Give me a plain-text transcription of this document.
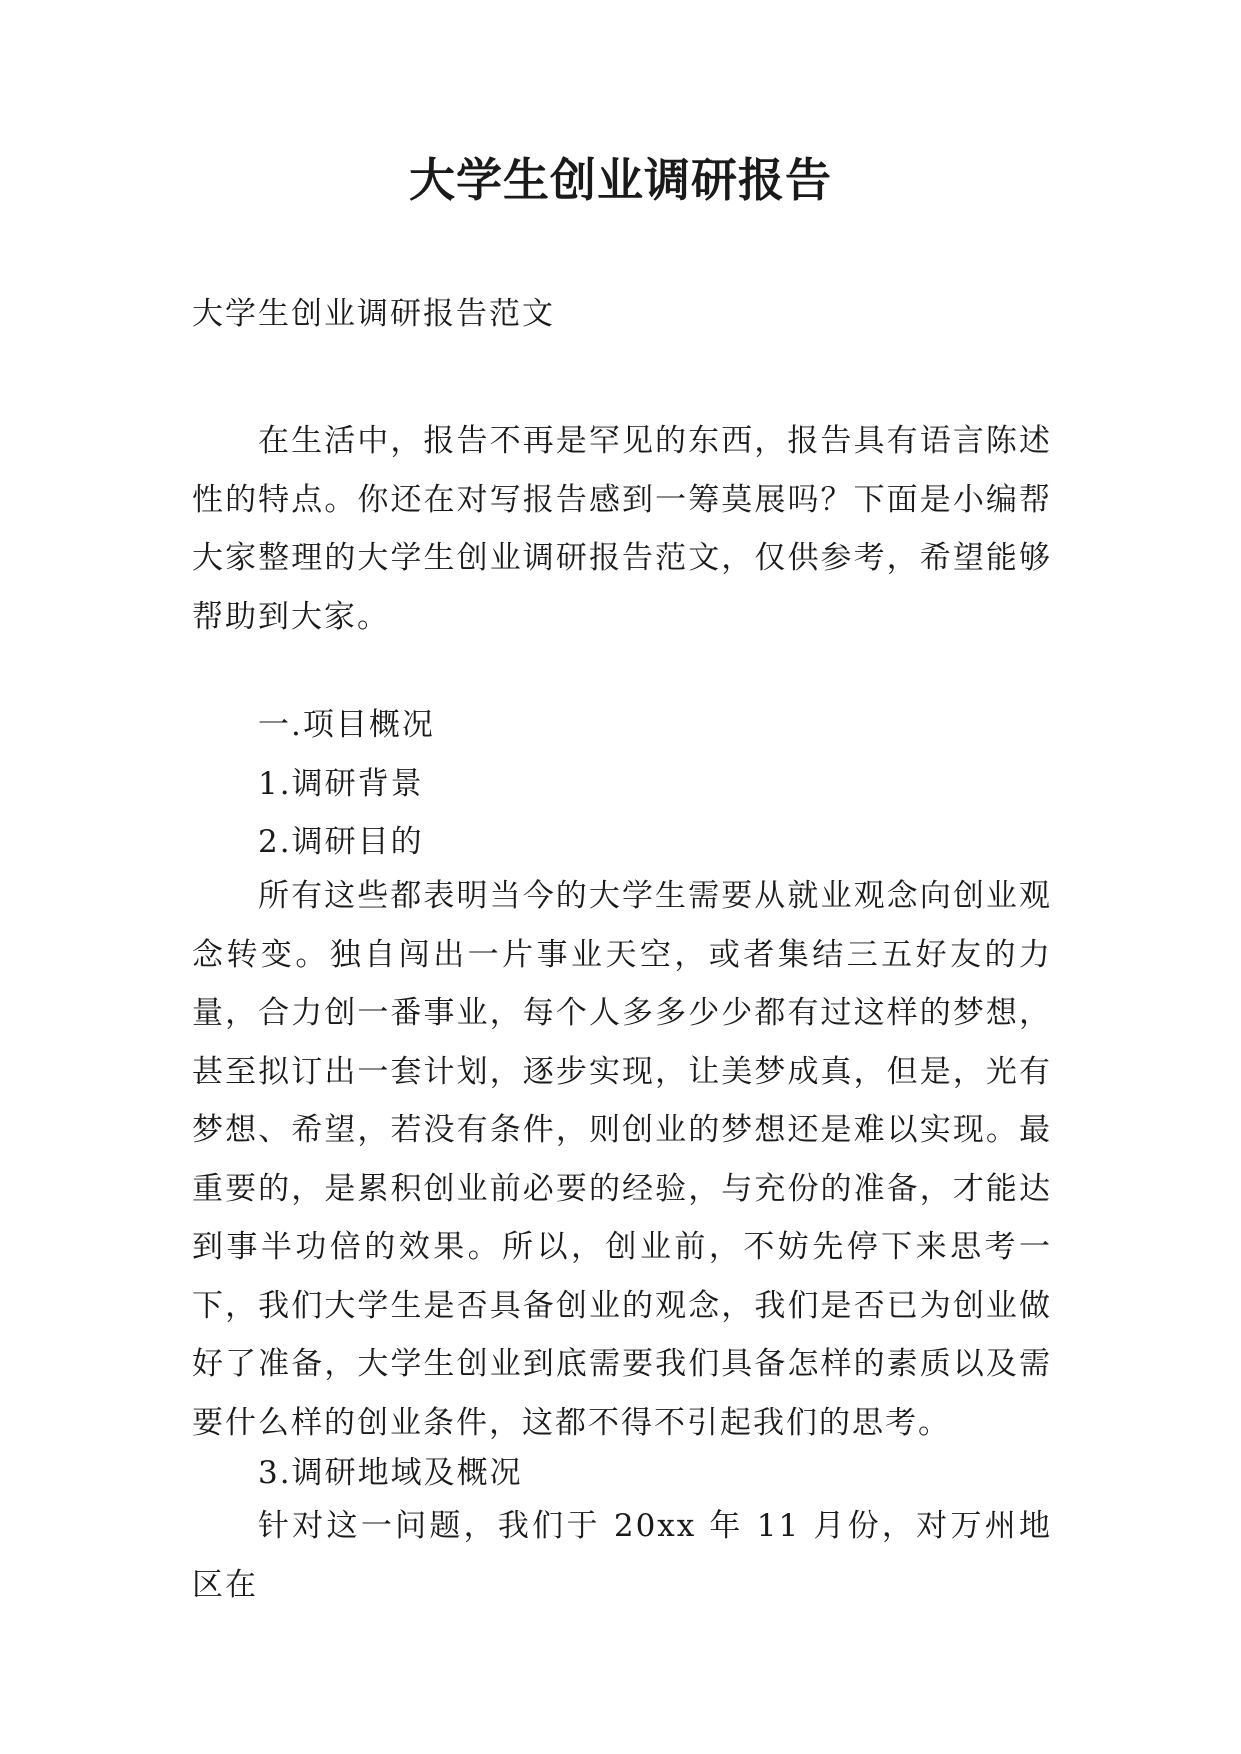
大学生创业调研报告

大学生创业调研报告范文

在生活中，报告不再是罕见的东西，报告具有语言陈述性的特点。你还在对写报告感到一筹莫展吗？下面是小编帮大家整理的大学生创业调研报告范文，仅供参考，希望能够帮助到大家。

一.项目概况

1.调研背景

2.调研目的

所有这些都表明当今的大学生需要从就业观念向创业观念转变。独自闯出一片事业天空，或者集结三五好友的力量，合力创一番事业，每个人多多少少都有过这样的梦想，甚至拟订出一套计划，逐步实现，让美梦成真，但是，光有梦想、希望，若没有条件，则创业的梦想还是难以实现。最重要的，是累积创业前必要的经验，与充份的准备，才能达到事半功倍的效果。所以，创业前，不妨先停下来思考一下，我们大学生是否具备创业的观念，我们是否已为创业做好了准备，大学生创业到底需要我们具备怎样的素质以及需要什么样的创业条件，这都不得不引起我们的思考。

3.调研地域及概况

针对这一问题，我们于 20xx 年 11 月份，对万州地区在
